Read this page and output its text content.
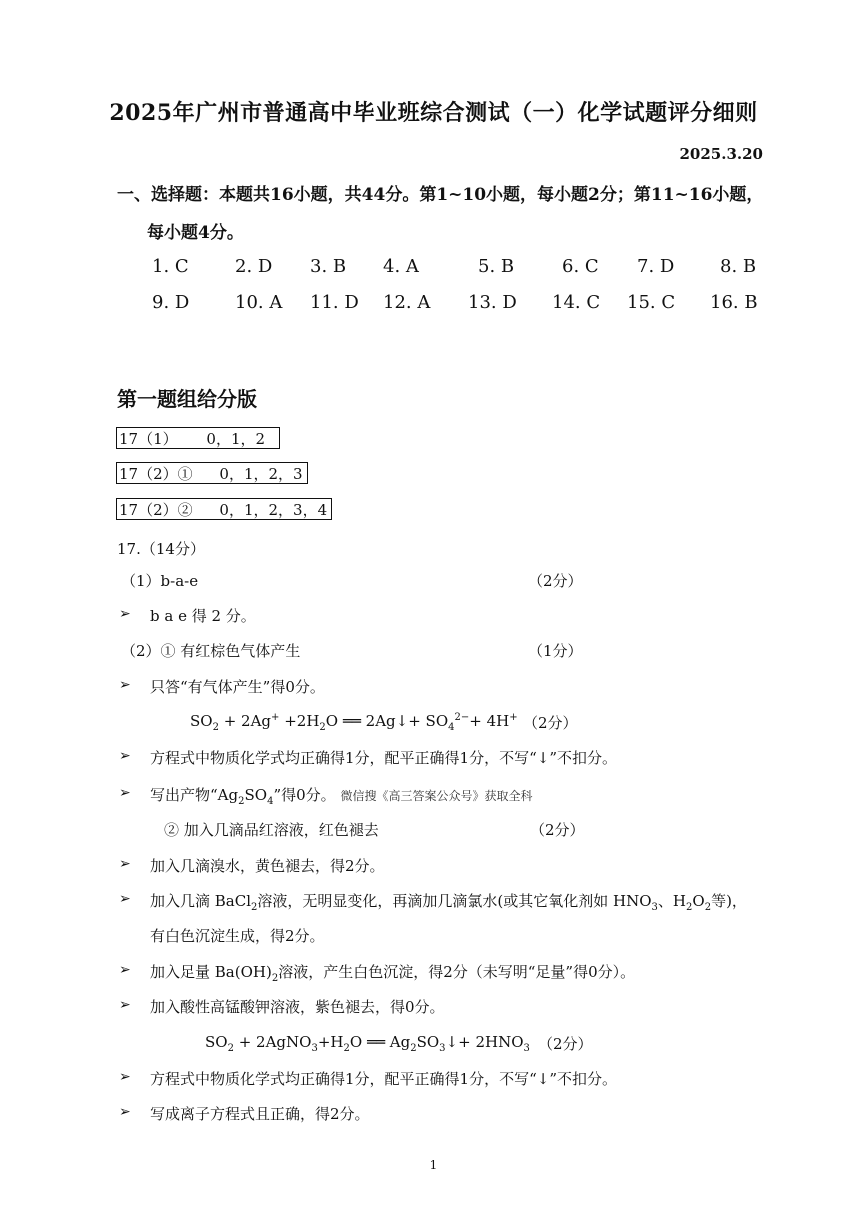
2025年广州市普通高中毕业班综合测试（一）化学试题评分细则
2025.3.20
一、选择题：本题共16小题，共44分。第1~10小题，每小题2分；第11~16小题，
每小题4分。
1. C	2. D 3. B 4. A	5. B	6. C 7. D	8. B
9. D	10. A 11. D 12. A 13. D 14. C 15. C 16. B
第一题组给分版
17（1） 0，1，2
17（2）① 0，1，2，3
17（2）② 0，1，2，3，4
17.（14分）
（1）b-a-e	（2分）
➢ b a e 得 2 分。
（2）① 有红棕色气体产生	（1分）
➢ 只答“有气体产生”得0分。
$SO_2 + 2Ag^+ +2H_2O$ ══ 2Ag↓+ $SO_4^{2-}+ 4H^+$ （2分）
➢ 方程式中物质化学式均正确得1分，配平正确得1分，不写“↓”不扣分。
➢ 写出产物“$Ag_2SO_4$”得0分。 微信搜《高三答案公众号》获取全科
② 加入几滴品红溶液，红色褪去	（2分）
➢ 加入几滴溴水，黄色褪去，得2分。
➢ 加入几滴 BaCl$_2$溶液，无明显变化，再滴加几滴氯水(或其它氧化剂如 $HNO_3$、$H_2O_2$等)，
有白色沉淀生成，得2分。
➢ 加入足量 $Ba(OH)_2$溶液，产生白色沉淀，得2分（未写明“足量”得0分）。
➢ 加入酸性高锰酸钾溶液，紫色褪去，得0分。
$SO_2$ + $2AgNO_3+H_2O$ ══ $Ag_2SO_3↓+ 2HNO_3$ （2分）
➢ 方程式中物质化学式均正确得1分，配平正确得1分，不写“↓”不扣分。
➢ 写成离子方程式且正确，得2分。
1
